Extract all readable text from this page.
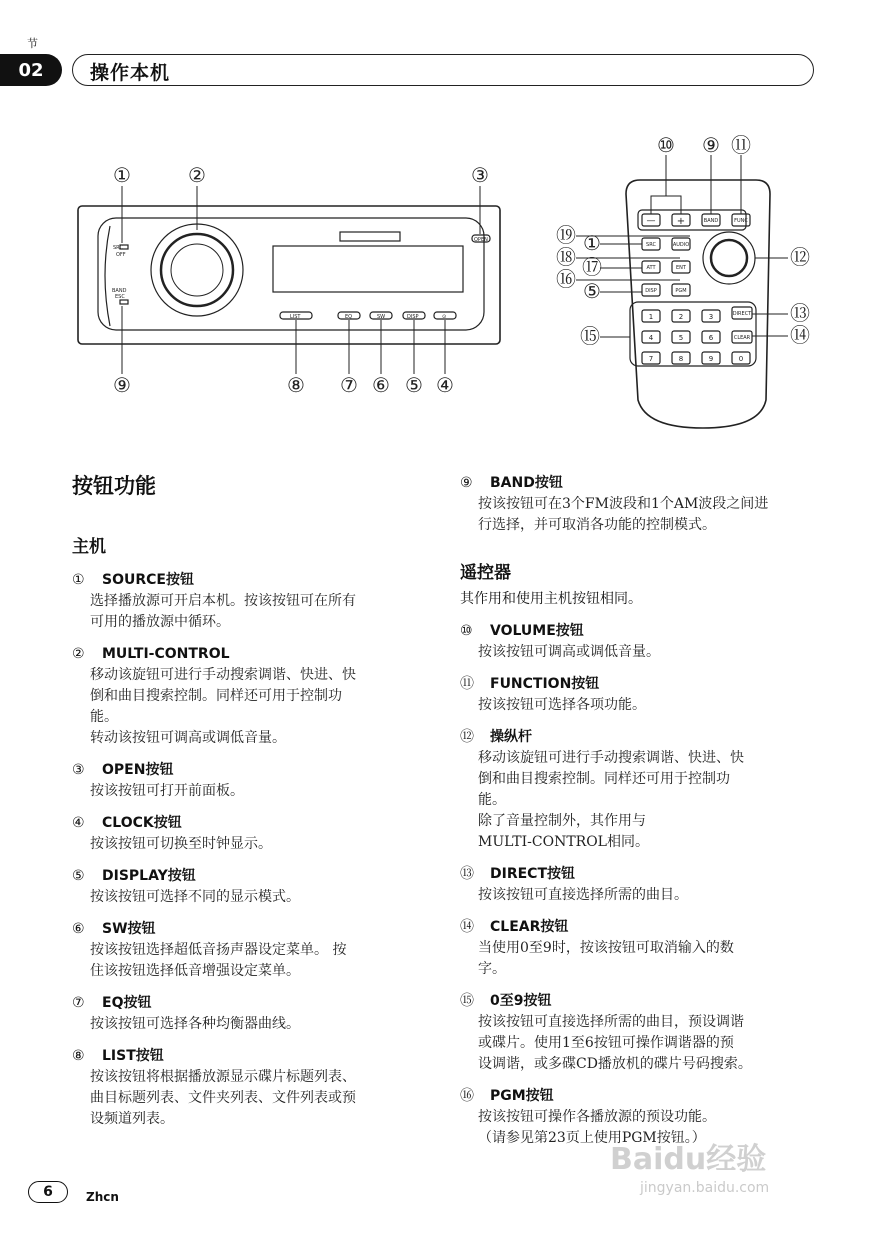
节
02	操作本机
SRC
OFF
BAND
ESC
OPEN
LIST	EQ	SW	DISP	⊙
①	②	③
⑨	⑧ ⑦ ⑥ ⑤ ④
— +	BAND	FUNC
SRC	AUDIO
ATT	ENT
DISP	PGM
DIRECT
CLEAR
1	2	3
4	5	6
7	8	9	0
⑩ ⑨ ⑪
⑲ ①
⑱ ⑰
⑯ ⑤
⑮
⑫
⑬
⑭
按钮功能
主机
① SOURCE按钮
选择播放源可开启本机。按该按钮可在所有
可用的播放源中循环。
② MULTI-CONTROL
移动该旋钮可进行手动搜索调谐、快进、快
倒和曲目搜索控制。同样还可用于控制功
能。
转动该按钮可调高或调低音量。
③ OPEN按钮
按该按钮可打开前面板。
④ CLOCK按钮
按该按钮可切换至时钟显示。
⑤ DISPLAY按钮
按该按钮可选择不同的显示模式。
⑥ SW按钮
按该按钮选择超低音扬声器设定菜单。 按
住该按钮选择低音增强设定菜单。
⑦ EQ按钮
按该按钮可选择各种均衡器曲线。
⑧ LIST按钮
按该按钮将根据播放源显示碟片标题列表、
曲目标题列表、文件夹列表、文件列表或预
设频道列表。
⑨ BAND按钮
按该按钮可在3个FM波段和1个AM波段之间进
行选择，并可取消各功能的控制模式。
遥控器
其作用和使用主机按钮相同。
⑩ VOLUME按钮
按该按钮可调高或调低音量。
⑪ FUNCTION按钮
按该按钮可选择各项功能。
⑫ 操纵杆
移动该旋钮可进行手动搜索调谐、快进、快
倒和曲目搜索控制。同样还可用于控制功
能。
除了音量控制外，其作用与
MULTI-CONTROL相同。
⑬ DIRECT按钮
按该按钮可直接选择所需的曲目。
⑭ CLEAR按钮
当使用0至9时，按该按钮可取消输入的数
字。
⑮ 0至9按钮
按该按钮可直接选择所需的曲目，预设调谐
或碟片。使用1至6按钮可操作调谐器的预
设调谐，或多碟CD播放机的碟片号码搜索。
⑯ PGM按钮
按该按钮可操作各播放源的预设功能。
（请参见第23页上使用PGM按钮。）
6	Zhcn
Baidu经验
jingyan.baidu.com
